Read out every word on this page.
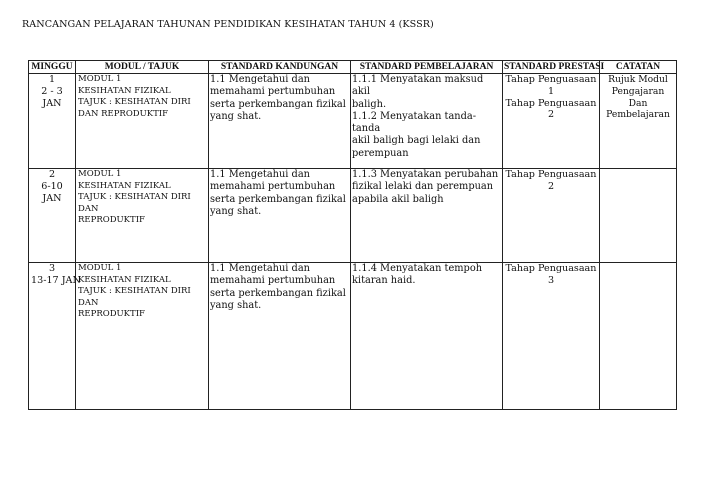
RANCANGAN PELAJARAN TAHUNAN PENDIDIKAN KESIHATAN TAHUN 4 (KSSR)
MINGGU	MODUL / TAJUK	STANDARD KANDUNGAN	STANDARD PEMBELAJARAN	STANDARD PRESTASI	CATATAN

1
2 - 3
JAN	MODUL 1
KESIHATAN FIZIKAL
TAJUK : KESIHATAN DIRI
DAN REPRODUKTIF	1.1 Mengetahui dan
memahami pertumbuhan
serta perkembangan fizikal
yang shat.	1.1.1 Menyatakan maksud akil
baligh.
1.1.2 Menyatakan tanda-tanda
akil baligh bagi lelaki dan
perempuan	Tahap Penguasaan
1
Tahap Penguasaan
2	Rujuk Modul
Pengajaran
Dan
Pembelajaran

2
6-10
JAN	MODUL 1
KESIHATAN FIZIKAL
TAJUK : KESIHATAN DIRI DAN
REPRODUKTIF	1.1 Mengetahui dan
memahami pertumbuhan
serta perkembangan fizikal
yang shat.	1.1.3 Menyatakan perubahan
fizikal lelaki dan perempuan
apabila akil baligh	Tahap Penguasaan
2	

3
13-17 JAN	MODUL 1
KESIHATAN FIZIKAL
TAJUK : KESIHATAN DIRI DAN
REPRODUKTIF	1.1 Mengetahui dan
memahami pertumbuhan
serta perkembangan fizikal
yang shat.	1.1.4 Menyatakan tempoh
kitaran haid.	Tahap Penguasaan
3	
